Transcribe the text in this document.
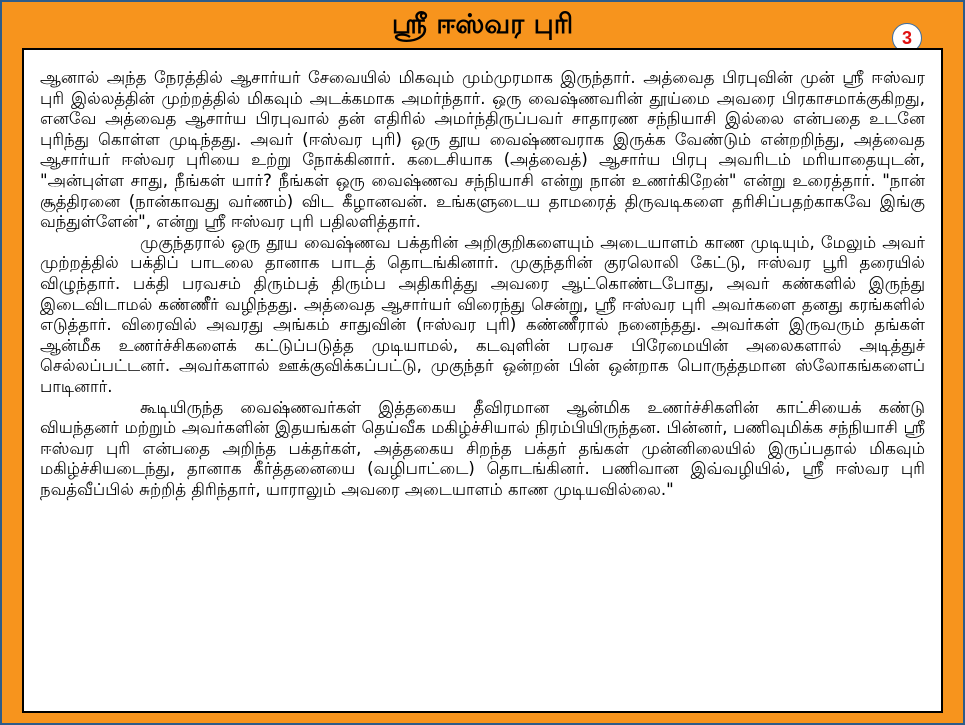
ஸ்ரீ ஈஸ்வர புரி	3

ஆனால் அந்த நேரத்தில் ஆசார்யர் சேவையில் மிகவும் மும்முரமாக இருந்தார். அத்வைத பிரபுவின் முன் ஸ்ரீ ஈஸ்வர புரி இல்லத்தின் முற்றத்தில் மிகவும் அடக்கமாக அமர்ந்தார். ஒரு வைஷ்ணவரின் தூய்மை அவரை பிரகாசமாக்குகிறது, எனவே அத்வைத ஆசார்ய பிரபுவால் தன் எதிரில் அமர்ந்திருப்பவர் சாதாரண சந்நியாசி இல்லை என்பதை உடனே புரிந்து கொள்ள முடிந்தது. அவர் (ஈஸ்வர புரி) ஒரு தூய வைஷ்ணவராக இருக்க வேண்டும் என்றறிந்து, அத்வைத ஆசார்யர் ஈஸ்வர புரியை உற்று நோக்கினார். கடைசியாக (அத்வைத்) ஆசார்ய பிரபு அவரிடம் மரியாதையுடன், "அன்புள்ள சாது, நீங்கள் யார்? நீங்கள் ஒரு வைஷ்ணவ சந்நியாசி என்று நான் உணர்கிறேன்" என்று உரைத்தார். "நான் சூத்திரனை (நான்காவது வர்ணம்) விட கீழானவன். உங்களுடைய தாமரைத் திருவடிகளை தரிசிப்பதற்காகவே இங்கு வந்துள்ளேன்", என்று ஸ்ரீ ஈஸ்வர புரி பதிலளித்தார்.

முகுந்தரால் ஒரு தூய வைஷ்ணவ பக்தரின் அறிகுறிகளையும் அடையாளம் காண முடியும், மேலும் அவர் முற்றத்தில் பக்திப் பாடலை தானாக பாடத் தொடங்கினார். முகுந்தரின் குரலொலி கேட்டு, ஈஸ்வர பூரி தரையில் விழுந்தார். பக்தி பரவசம் திரும்பத் திரும்ப அதிகரித்து அவரை ஆட்கொண்டபோது, அவர் கண்களில் இருந்து இடைவிடாமல் கண்ணீர் வழிந்தது. அத்வைத ஆசார்யர் விரைந்து சென்று, ஸ்ரீ ஈஸ்வர புரி அவர்களை தனது கரங்களில் எடுத்தார். விரைவில் அவரது அங்கம் சாதுவின் (ஈஸ்வர புரி) கண்ணீரால் நனைந்தது. அவர்கள் இருவரும் தங்கள் ஆன்மீக உணர்ச்சிகளைக் கட்டுப்படுத்த முடியாமல், கடவுளின் பரவச பிரேமையின் அலைகளால் அடித்துச் செல்லப்பட்டனர். அவர்களால் ஊக்குவிக்கப்பட்டு, முகுந்தர் ஒன்றன் பின் ஒன்றாக பொருத்தமான ஸ்லோகங்களைப் பாடினார்.

கூடியிருந்த வைஷ்ணவர்கள் இத்தகைய தீவிரமான ஆன்மிக உணர்ச்சிகளின் காட்சியைக் கண்டு வியந்தனர் மற்றும் அவர்களின் இதயங்கள் தெய்வீக மகிழ்ச்சியால் நிரம்பியிருந்தன. பின்னர், பணிவுமிக்க சந்நியாசி ஸ்ரீ ஈஸ்வர புரி என்பதை அறிந்த பக்தர்கள், அத்தகைய சிறந்த பக்தர் தங்கள் முன்னிலையில் இருப்பதால் மிகவும் மகிழ்ச்சியடைந்து, தானாக கீர்த்தனையை (வழிபாட்டை) தொடங்கினர். பணிவான இவ்வழியில், ஸ்ரீ ஈஸ்வர புரி நவத்வீப்பில் சுற்றித் திரிந்தார், யாராலும் அவரை அடையாளம் காண முடியவில்லை."
